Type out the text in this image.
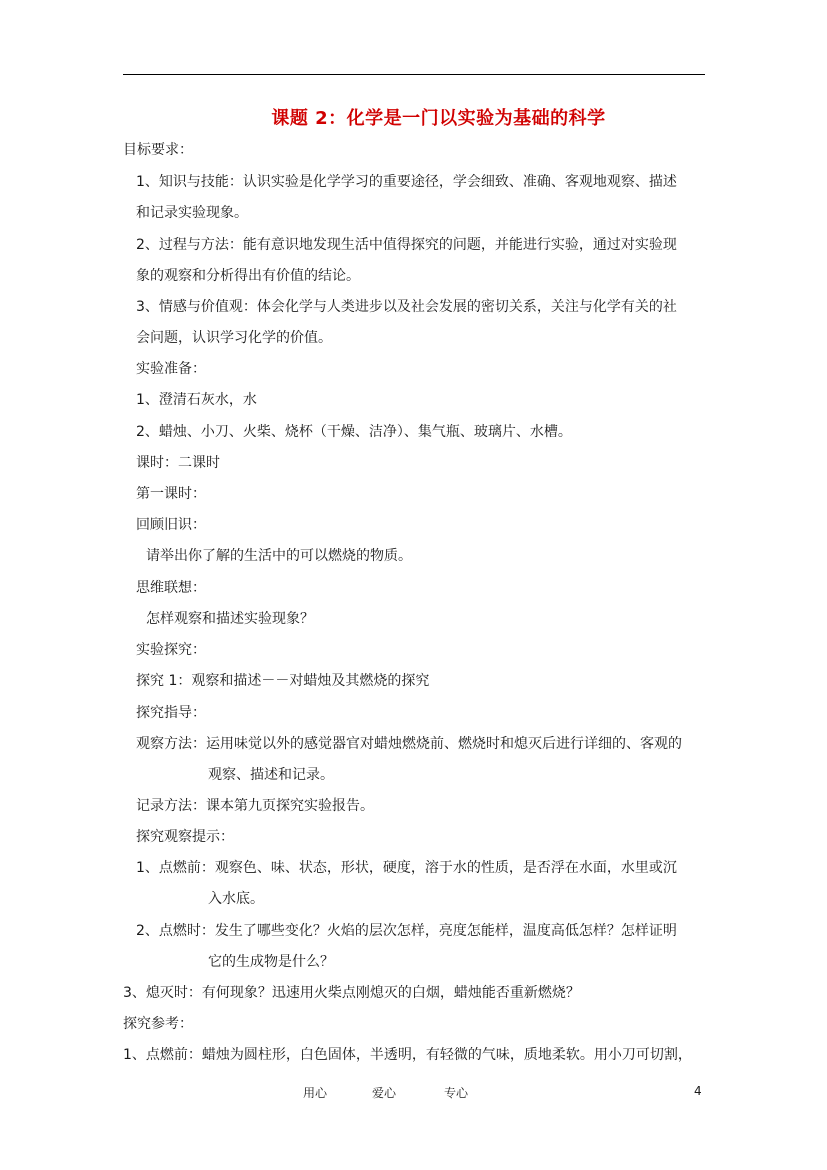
课题 2：化学是一门以实验为基础的科学
目标要求：
1、知识与技能：认识实验是化学学习的重要途径，学会细致、准确、客观地观察、描述
和记录实验现象。
2、过程与方法：能有意识地发现生活中值得探究的问题，并能进行实验，通过对实验现
象的观察和分析得出有价值的结论。
3、情感与价值观：体会化学与人类进步以及社会发展的密切关系，关注与化学有关的社
会问题，认识学习化学的价值。
实验准备：
1、澄清石灰水，水
2、蜡烛、小刀、火柴、烧杯（干燥、洁净）、集气瓶、玻璃片、水槽。
课时：二课时
第一课时：
回顾旧识：
请举出你了解的生活中的可以燃烧的物质。
思维联想：
怎样观察和描述实验现象？
实验探究：
探究 1：观察和描述－－对蜡烛及其燃烧的探究
探究指导：
观察方法：运用味觉以外的感觉器官对蜡烛燃烧前、燃烧时和熄灭后进行详细的、客观的
观察、描述和记录。
记录方法：课本第九页探究实验报告。
探究观察提示：
1、点燃前：观察色、味、状态，形状，硬度，溶于水的性质，是否浮在水面，水里或沉
入水底。
2、点燃时：发生了哪些变化？火焰的层次怎样，亮度怎能样，温度高低怎样？怎样证明
它的生成物是什么？
3、熄灭时：有何现象？迅速用火柴点刚熄灭的白烟，蜡烛能否重新燃烧？
探究参考：
1、点燃前：蜡烛为圆柱形，白色固体，半透明，有轻微的气味，质地柔软。用小刀可切割，
用心	爱心	专心	4
